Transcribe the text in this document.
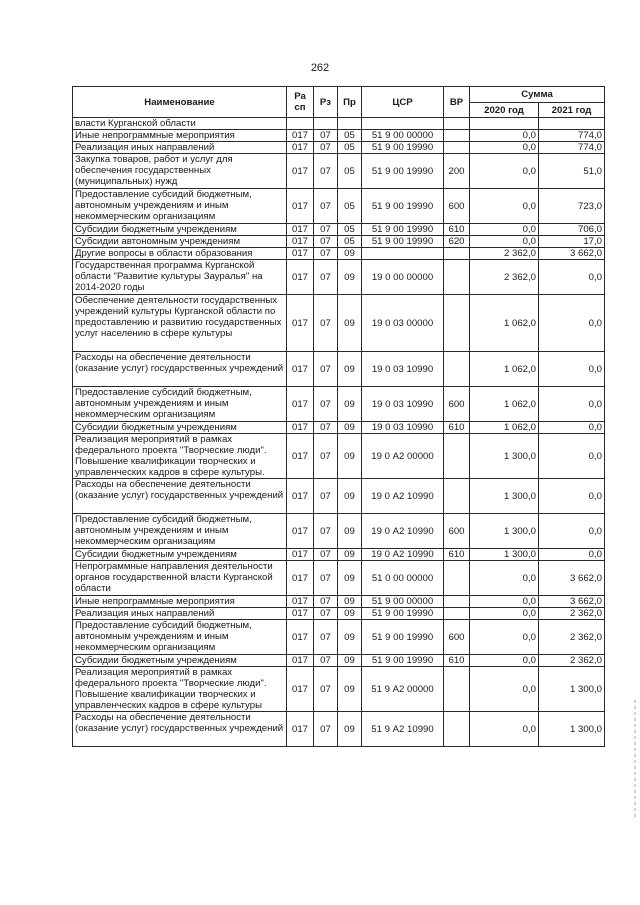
262
Наименование	Ра сп	Рз	Пр	ЦСР	ВР	Сумма	
						2020 год	2021 год
власти Курганской области							
Иные непрограммные мероприятия	017	07	05	51 9 00 00000		0,0	774,0
Реализация иных направлений	017	07	05	51 9 00 19990		0,0	774,0
Закупка товаров, работ и услуг для обеспечения государственных (муниципальных) нужд	017	07	05	51 9 00 19990	200	0,0	51,0
Предоставление субсидий бюджетным, автономным учреждениям и иным некоммерческим организациям	017	07	05	51 9 00 19990	600	0,0	723,0
Субсидии бюджетным учреждениям	017	07	05	51 9 00 19990	610	0,0	706,0
Субсидии автономным учреждениям	017	07	05	51 9 00 19990	620	0,0	17,0
Другие вопросы в области образования	017	07	09			2 362,0	3 662,0
Государственная программа Курганской области "Развитие культуры Зауралья" на 2014-2020 годы	017	07	09	19 0 00 00000		2 362,0	0,0
Обеспечение деятельности государственных учреждений культуры Курганской области по предоставлению и развитию государственных услуг населению в сфере культуры	017	07	09	19 0 03 00000		1 062,0	0,0
Расходы на обеспечение деятельности (оказание услуг) государственных учреждений	017	07	09	19 0 03 10990		1 062,0	0,0
Предоставление субсидий бюджетным, автономным учреждениям и иным некоммерческим организациям	017	07	09	19 0 03 10990	600	1 062,0	0,0
Субсидии бюджетным учреждениям	017	07	09	19 0 03 10990	610	1 062,0	0,0
Реализация мероприятий в рамках федерального проекта "Творческие люди". Повышение квалификации творческих и управленческих кадров в сфере культуры.	017	07	09	19 0 А2 00000		1 300,0	0,0
Расходы на обеспечение деятельности (оказание услуг) государственных учреждений	017	07	09	19 0 А2 10990		1 300,0	0,0
Предоставление субсидий бюджетным, автономным учреждениям и иным некоммерческим организациям	017	07	09	19 0 А2 10990	600	1 300,0	0,0
Субсидии бюджетным учреждениям	017	07	09	19 0 А2 10990	610	1 300,0	0,0
Непрограммные направления деятельности органов государственной власти Курганской области	017	07	09	51 0 00 00000		0,0	3 662,0
Иные непрограммные мероприятия	017	07	09	51 9 00 00000		0,0	3 662,0
Реализация иных направлений	017	07	09	51 9 00 19990		0,0	2 362,0
Предоставление субсидий бюджетным, автономным учреждениям и иным некоммерческим организациям	017	07	09	51 9 00 19990	600	0,0	2 362,0
Субсидии бюджетным учреждениям	017	07	09	51 9 00 19990	610	0,0	2 362,0
Реализация мероприятий в рамках федерального проекта "Творческие люди". Повышение квалификации творческих и управленческих кадров в сфере культуры	017	07	09	51 9 А2 00000		0,0	1 300,0
Расходы на обеспечение деятельности (оказание услуг) государственных учреждений	017	07	09	51 9 А2 10990		0,0	1 300,0
